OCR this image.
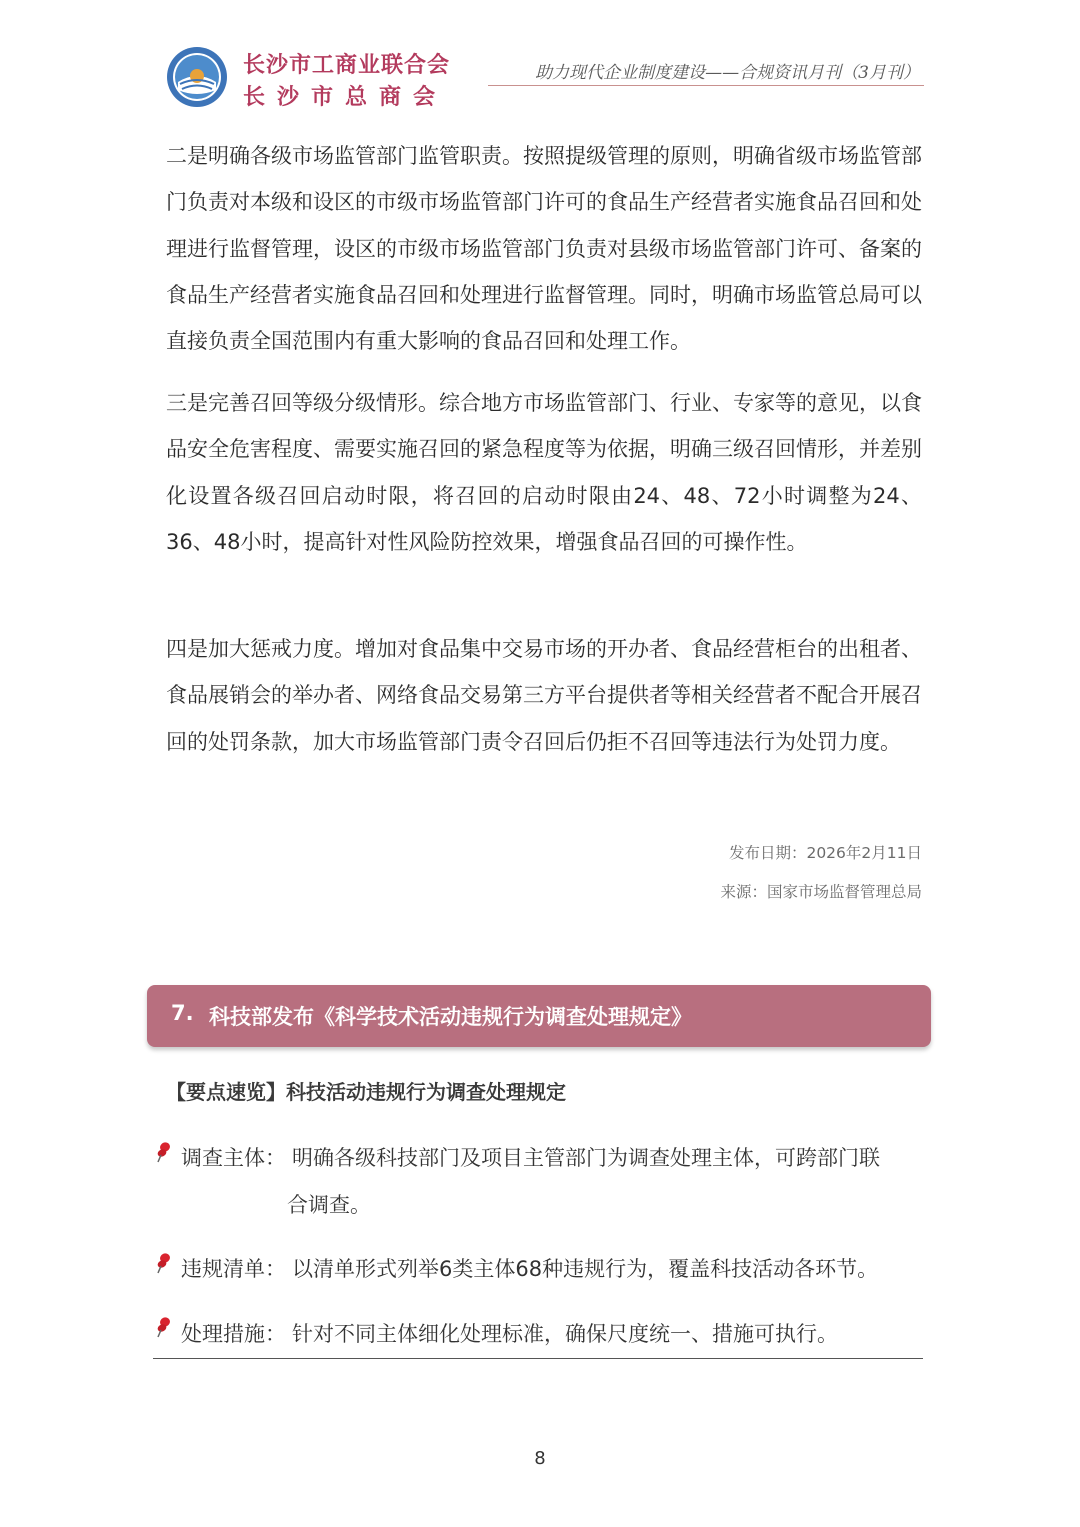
长沙市工商业联合会
长沙市总商会
助力现代企业制度建设——合规资讯月刊（3月刊）

二是明确各级市场监管部门监管职责。按照提级管理的原则，明确省级市场监管部门负责对本级和设区的市级市场监管部门许可的食品生产经营者实施食品召回和处理进行监督管理，设区的市级市场监管部门负责对县级市场监管部门许可、备案的食品生产经营者实施食品召回和处理进行监督管理。同时，明确市场监管总局可以直接负责全国范围内有重大影响的食品召回和处理工作。

三是完善召回等级分级情形。综合地方市场监管部门、行业、专家等的意见，以食品安全危害程度、需要实施召回的紧急程度等为依据，明确三级召回情形，并差别化设置各级召回启动时限，将召回的启动时限由24、48、72小时调整为24、36、48小时，提高针对性风险防控效果，增强食品召回的可操作性。

四是加大惩戒力度。增加对食品集中交易市场的开办者、食品经营柜台的出租者、食品展销会的举办者、网络食品交易第三方平台提供者等相关经营者不配合开展召回的处罚条款，加大市场监管部门责令召回后仍拒不召回等违法行为处罚力度。

发布日期：2026年2月11日
来源：国家市场监督管理总局
7. 科技部发布《科学技术活动违规行为调查处理规定》
【要点速览】科技活动违规行为调查处理规定
调查主体： 明确各级科技部门及项目主管部门为调查处理主体，可跨部门联
合调查。
违规清单： 以清单形式列举6类主体68种违规行为，覆盖科技活动各环节。
处理措施： 针对不同主体细化处理标准，确保尺度统一、措施可执行。
8
